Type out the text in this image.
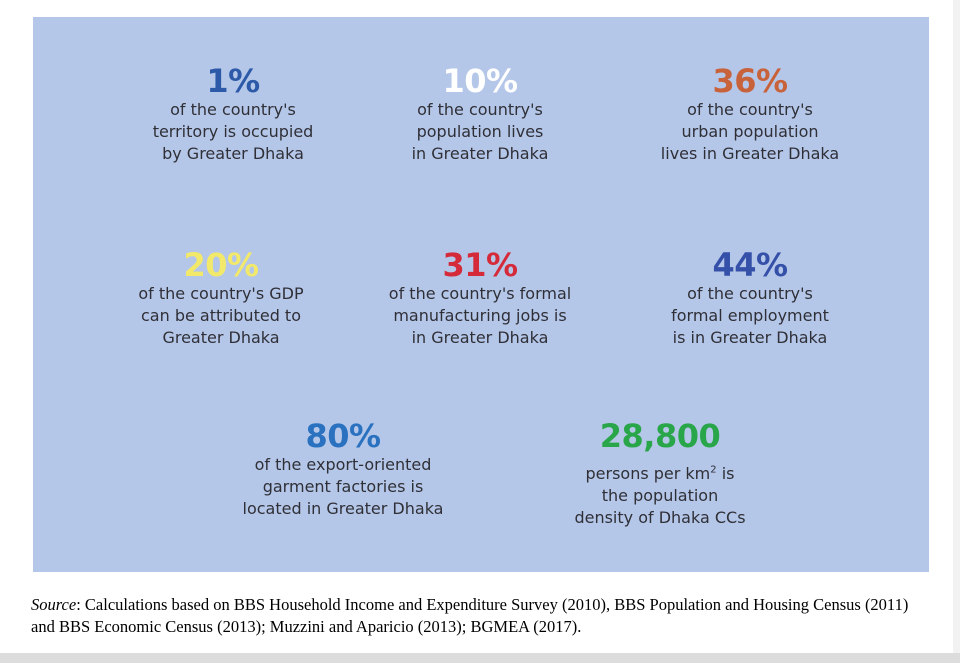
1%
of the country's
territory is occupied
by Greater Dhaka
10%
of the country's
population lives
in Greater Dhaka
36%
of the country's
urban population
lives in Greater Dhaka
20%
of the country's GDP
can be attributed to
Greater Dhaka
31%
of the country's formal
manufacturing jobs is
in Greater Dhaka
44%
of the country's
formal employment
is in Greater Dhaka
80%
of the export-oriented
garment factories is
located in Greater Dhaka
28,800
persons per $km^2$ is
the population
density of Dhaka CCs
Source: Calculations based on BBS Household Income and Expenditure Survey (2010), BBS Population and Housing Census (2011) and BBS Economic Census (2013); Muzzini and Aparicio (2013); BGMEA (2017).
